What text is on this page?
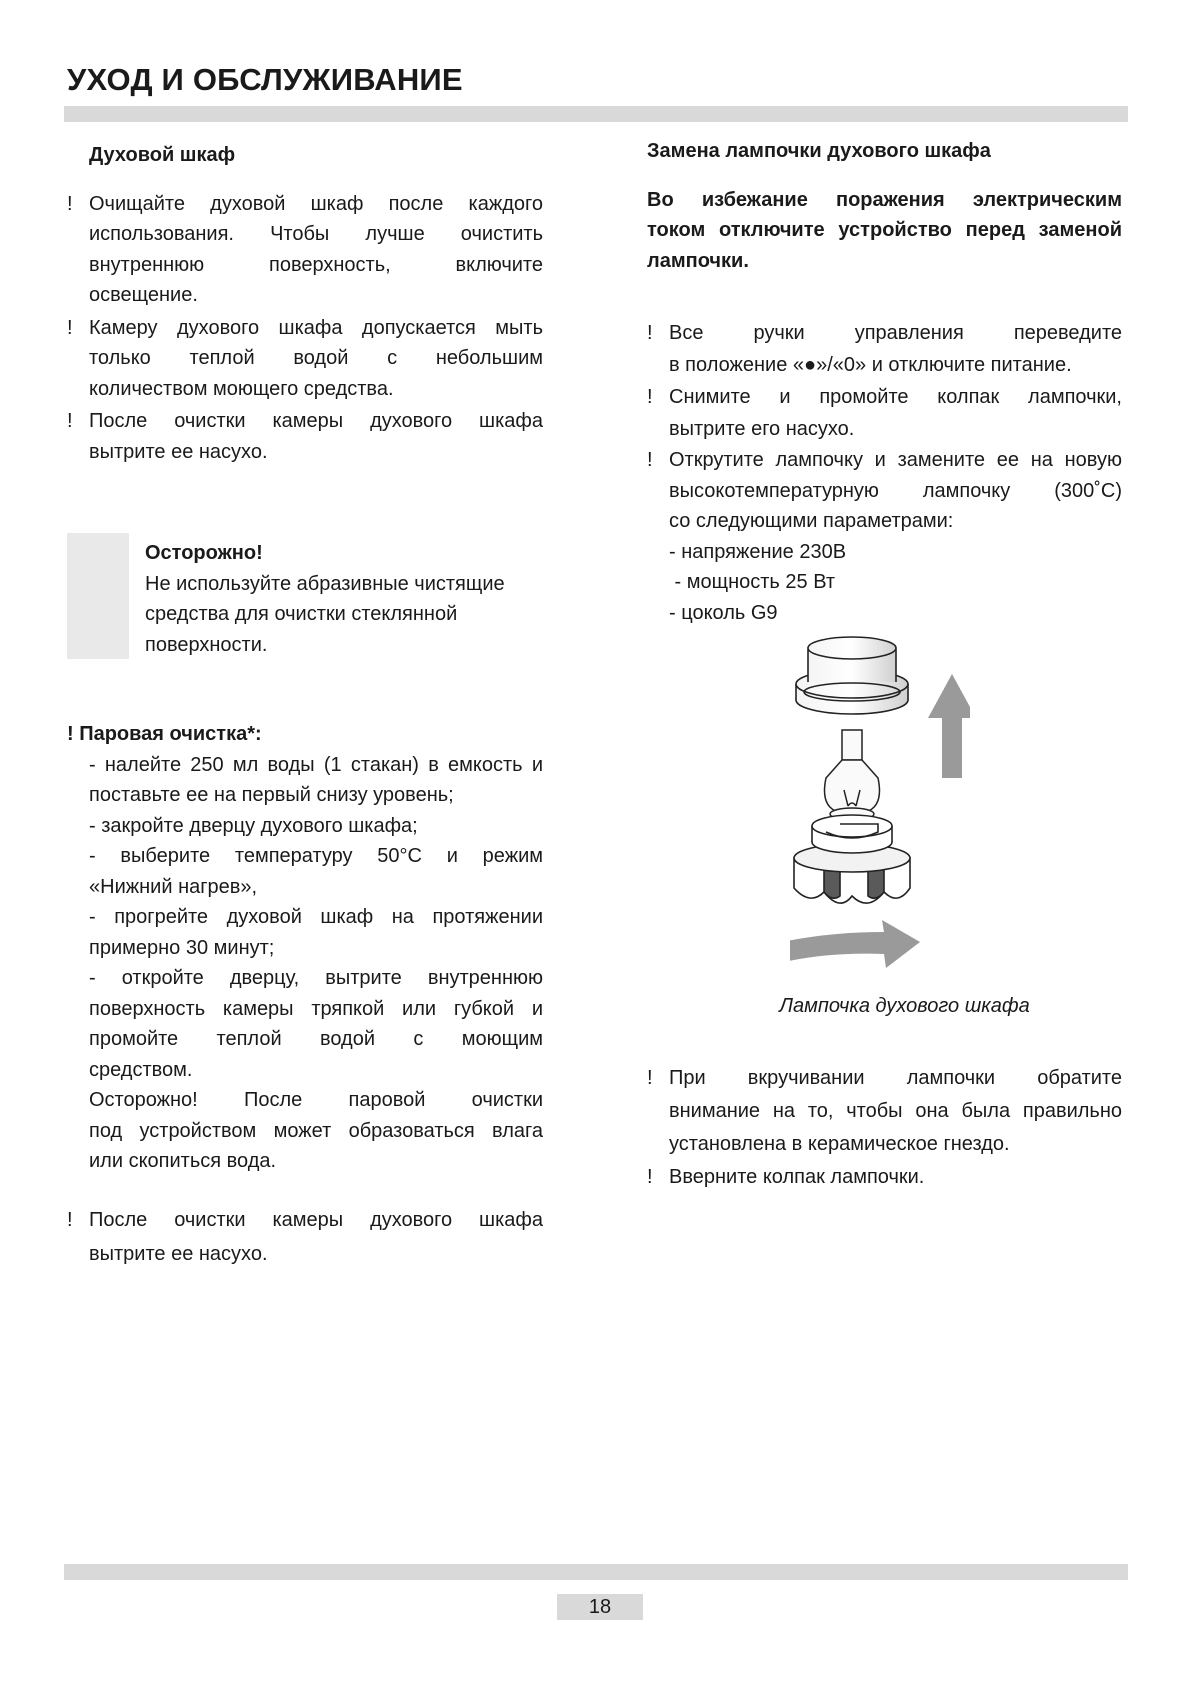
УХОД И ОБСЛУЖИВАНИЕ
Духовой шкаф
! Очищайте духовой шкаф после каждого
использования. Чтобы лучше очистить
внутреннюю поверхность, включите
освещение.
! Камеру духового шкафа допускается мыть
только теплой водой с небольшим
количеством моющего средства.
! После очистки камеры духового шкафа
вытрите ее насухо.
Осторожно!
Не используйте абразивные чистящие
средства для очистки стеклянной
поверхности.
! Паровая очистка*:
- налейте 250 мл воды (1 стакан) в емкость и
поставьте ее на первый снизу уровень;
- закройте дверцу духового шкафа;
- выберите температуру 50°C и режим
«Нижний нагрев»,
- прогрейте духовой шкаф на протяжении
примерно 30 минут;
- откройте дверцу, вытрите внутреннюю
поверхность камеры тряпкой или губкой и
промойте теплой водой с моющим
средством.
Осторожно! После паровой очистки
под устройством может образоваться влага
или скопиться вода.
! После очистки камеры духового шкафа
вытрите ее насухо.
Замена лампочки духового шкафа
Во избежание поражения электрическим
током отключите устройство перед заменой
лампочки.
! Все ручки управления переведите
в положение «●»/«0» и отключите питание.
! Снимите и промойте колпак лампочки,
вытрите его насухо.
! Открутите лампочку и замените ее на новую
высокотемпературную лампочку (300˚C)
со следующими параметрами:
- напряжение 230В
- мощность 25 Вт
- цоколь G9
Лампочка духового шкафа
! При вкручивании лампочки обратите
внимание на то, чтобы она была правильно
установлена в керамическое гнездо.
! Вверните колпак лампочки.
18
